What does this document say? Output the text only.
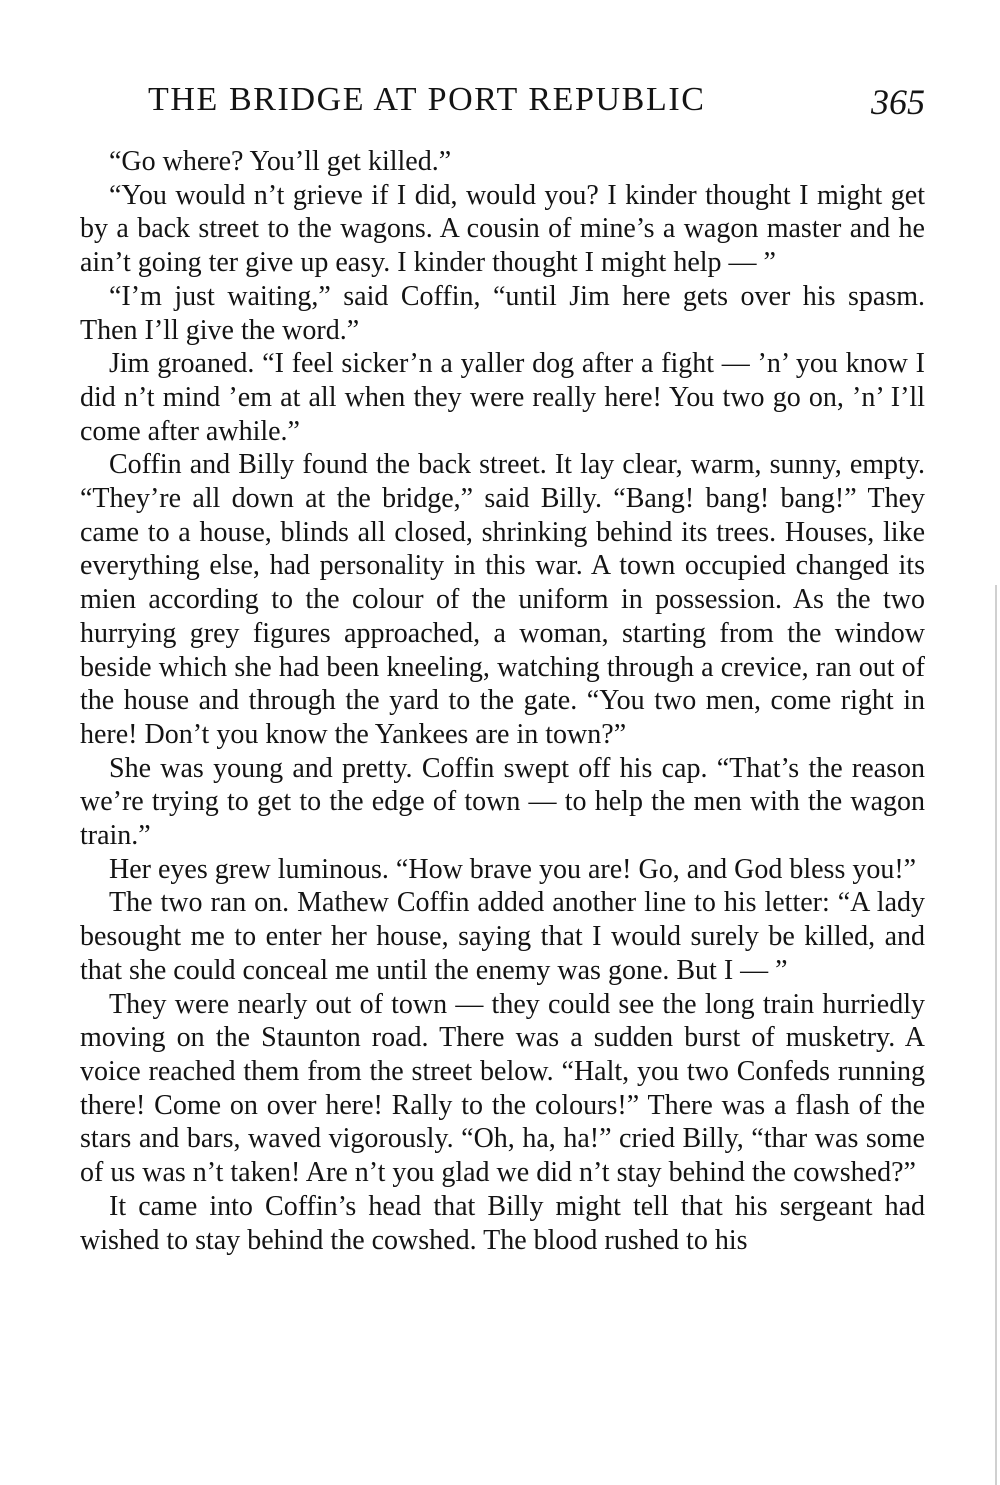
THE BRIDGE AT PORT REPUBLIC	365

“Go where? You’ll get killed.”

“You would n’t grieve if I did, would you? I kinder thought I might get by a back street to the wagons. A cousin of mine’s a wagon master and he ain’t going ter give up easy. I kinder thought I might help — ”

“I’m just waiting,” said Coffin, “until Jim here gets over his spasm. Then I’ll give the word.”

Jim groaned. “I feel sicker’n a yaller dog after a fight — ’n’ you know I did n’t mind ’em at all when they were really here! You two go on, ’n’ I’ll come after awhile.”

Coffin and Billy found the back street. It lay clear, warm, sunny, empty. “They’re all down at the bridge,” said Billy. “Bang! bang! bang!” They came to a house, blinds all closed, shrinking behind its trees. Houses, like everything else, had personality in this war. A town occupied changed its mien according to the colour of the uniform in possession. As the two hurrying grey figures approached, a woman, starting from the window beside which she had been kneeling, watching through a crevice, ran out of the house and through the yard to the gate. “You two men, come right in here! Don’t you know the Yankees are in town?”

She was young and pretty. Coffin swept off his cap. “That’s the reason we’re trying to get to the edge of town — to help the men with the wagon train.”

Her eyes grew luminous. “How brave you are! Go, and God bless you!”

The two ran on. Mathew Coffin added another line to his letter: “A lady besought me to enter her house, saying that I would surely be killed, and that she could conceal me until the enemy was gone. But I — ”

They were nearly out of town — they could see the long train hurriedly moving on the Staunton road. There was a sudden burst of musketry. A voice reached them from the street below. “Halt, you two Confeds running there! Come on over here! Rally to the colours!” There was a flash of the stars and bars, waved vigorously. “Oh, ha, ha!” cried Billy, “thar was some of us was n’t taken! Are n’t you glad we did n’t stay behind the cowshed?”

It came into Coffin’s head that Billy might tell that his sergeant had wished to stay behind the cowshed. The blood rushed to his
